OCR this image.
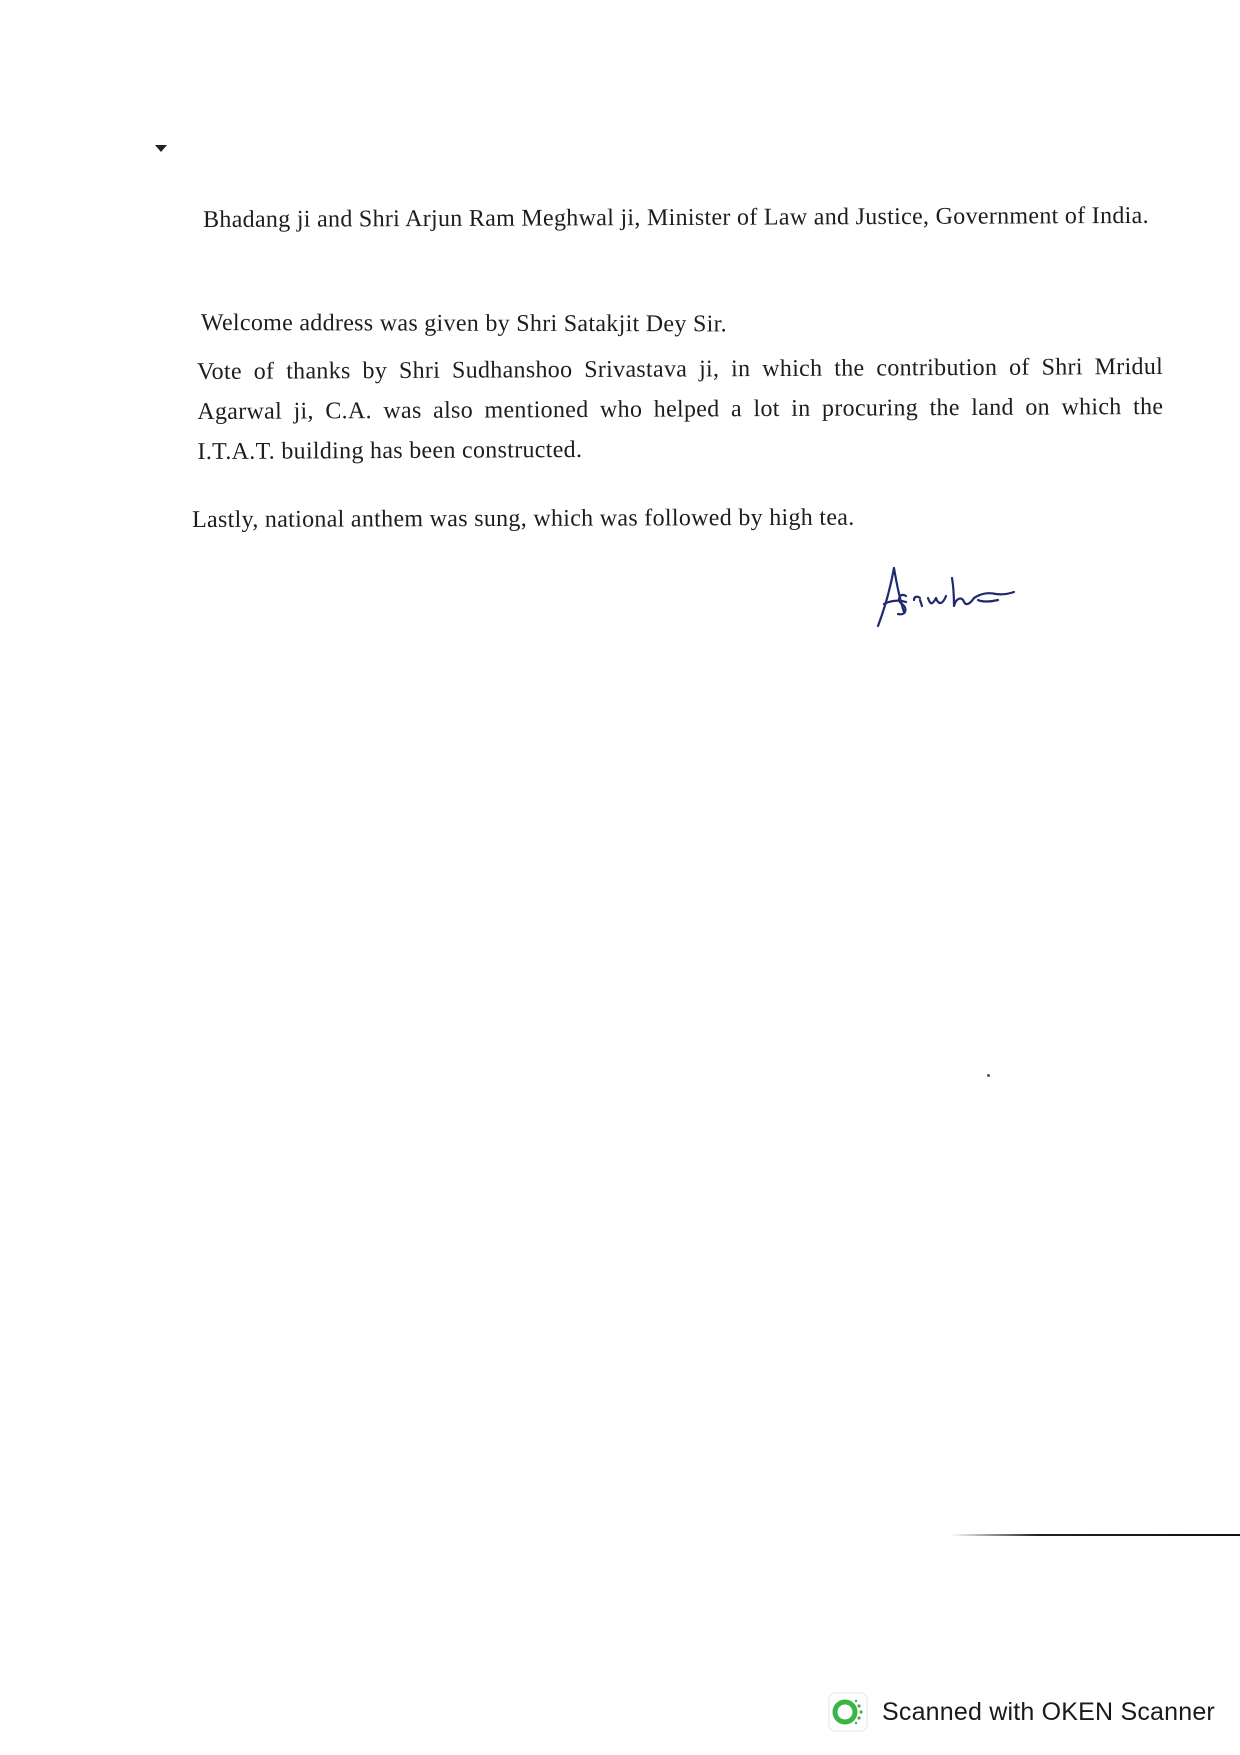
Bhadang ji and Shri Arjun Ram Meghwal ji, Minister of Law and Justice, Government of India.

Welcome address was given by Shri Satakjit Dey Sir.

Vote of thanks by Shri Sudhanshoo Srivastava ji, in which the contribution of Shri Mridul Agarwal ji, C.A. was also mentioned who helped a lot in procuring the land on which the I.T.A.T. building has been constructed.

Lastly, national anthem was sung, which was followed by high tea.

Scanned with OKEN Scanner
